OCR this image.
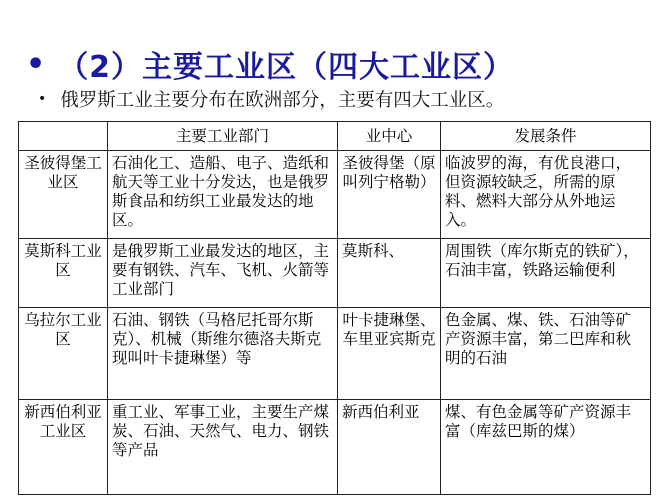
• （2）主要工业区（四大工业区）
• 俄罗斯工业主要分布在欧洲部分，主要有四大工业区。
	主要工业部门	业中心	发展条件
圣彼得堡工业区	石油化工、造船、电子、造纸和航天等工业十分发达，也是俄罗斯食品和纺织工业最发达的地区。	圣彼得堡（原叫列宁格勒）	临波罗的海，有优良港口，但资源较缺乏，所需的原料、燃料大部分从外地运入。
莫斯科工业区	是俄罗斯工业最发达的地区，主要有钢铁、汽车、飞机、火箭等工业部门	莫斯科、	周围铁（库尔斯克的铁矿），石油丰富，铁路运输便利
乌拉尔工业区	石油、钢铁（马格尼托哥尔斯克）、机械（斯维尔德洛夫斯克现叫叶卡捷琳堡）等	叶卡捷琳堡、车里亚宾斯克	色金属、煤、铁、石油等矿产资源丰富，第二巴库和秋明的石油
新西伯利亚工业区	重工业、军事工业，主要生产煤炭、石油、天然气、电力、钢铁等产品	新西伯利亚	煤、有色金属等矿产资源丰富（库兹巴斯的煤）
